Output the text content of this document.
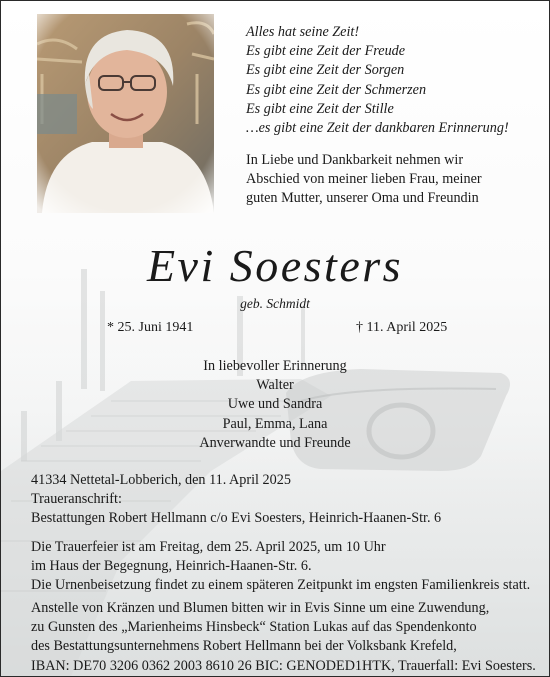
Alles hat seine Zeit!
Es gibt eine Zeit der Freude
Es gibt eine Zeit der Sorgen
Es gibt eine Zeit der Schmerzen
Es gibt eine Zeit der Stille
…es gibt eine Zeit der dankbaren Erinnerung!
In Liebe und Dankbarkeit nehmen wir
Abschied von meiner lieben Frau, meiner
guten Mutter, unserer Oma und Freundin
Evi Soesters
geb. Schmidt
* 25. Juni 1941	† 11. April 2025
In liebevoller Erinnerung
Walter
Uwe und Sandra
Paul, Emma, Lana
Anverwandte und Freunde
41334 Nettetal-Lobberich, den 11. April 2025
Traueranschrift:
Bestattungen Robert Hellmann c/o Evi Soesters, Heinrich-Haanen-Str. 6
Die Trauerfeier ist am Freitag, dem 25. April 2025, um 10 Uhr
im Haus der Begegnung, Heinrich-Haanen-Str. 6.
Die Urnenbeisetzung findet zu einem späteren Zeitpunkt im engsten Familienkreis statt.
Anstelle von Kränzen und Blumen bitten wir in Evis Sinne um eine Zuwendung,
zu Gunsten des „Marienheims Hinsbeck“ Station Lukas auf das Spendenkonto
des Bestattungsunternehmens Robert Hellmann bei der Volksbank Krefeld,
IBAN: DE70 3206 0362 2003 8610 26 BIC: GENODED1HTK, Trauerfall: Evi Soesters.
